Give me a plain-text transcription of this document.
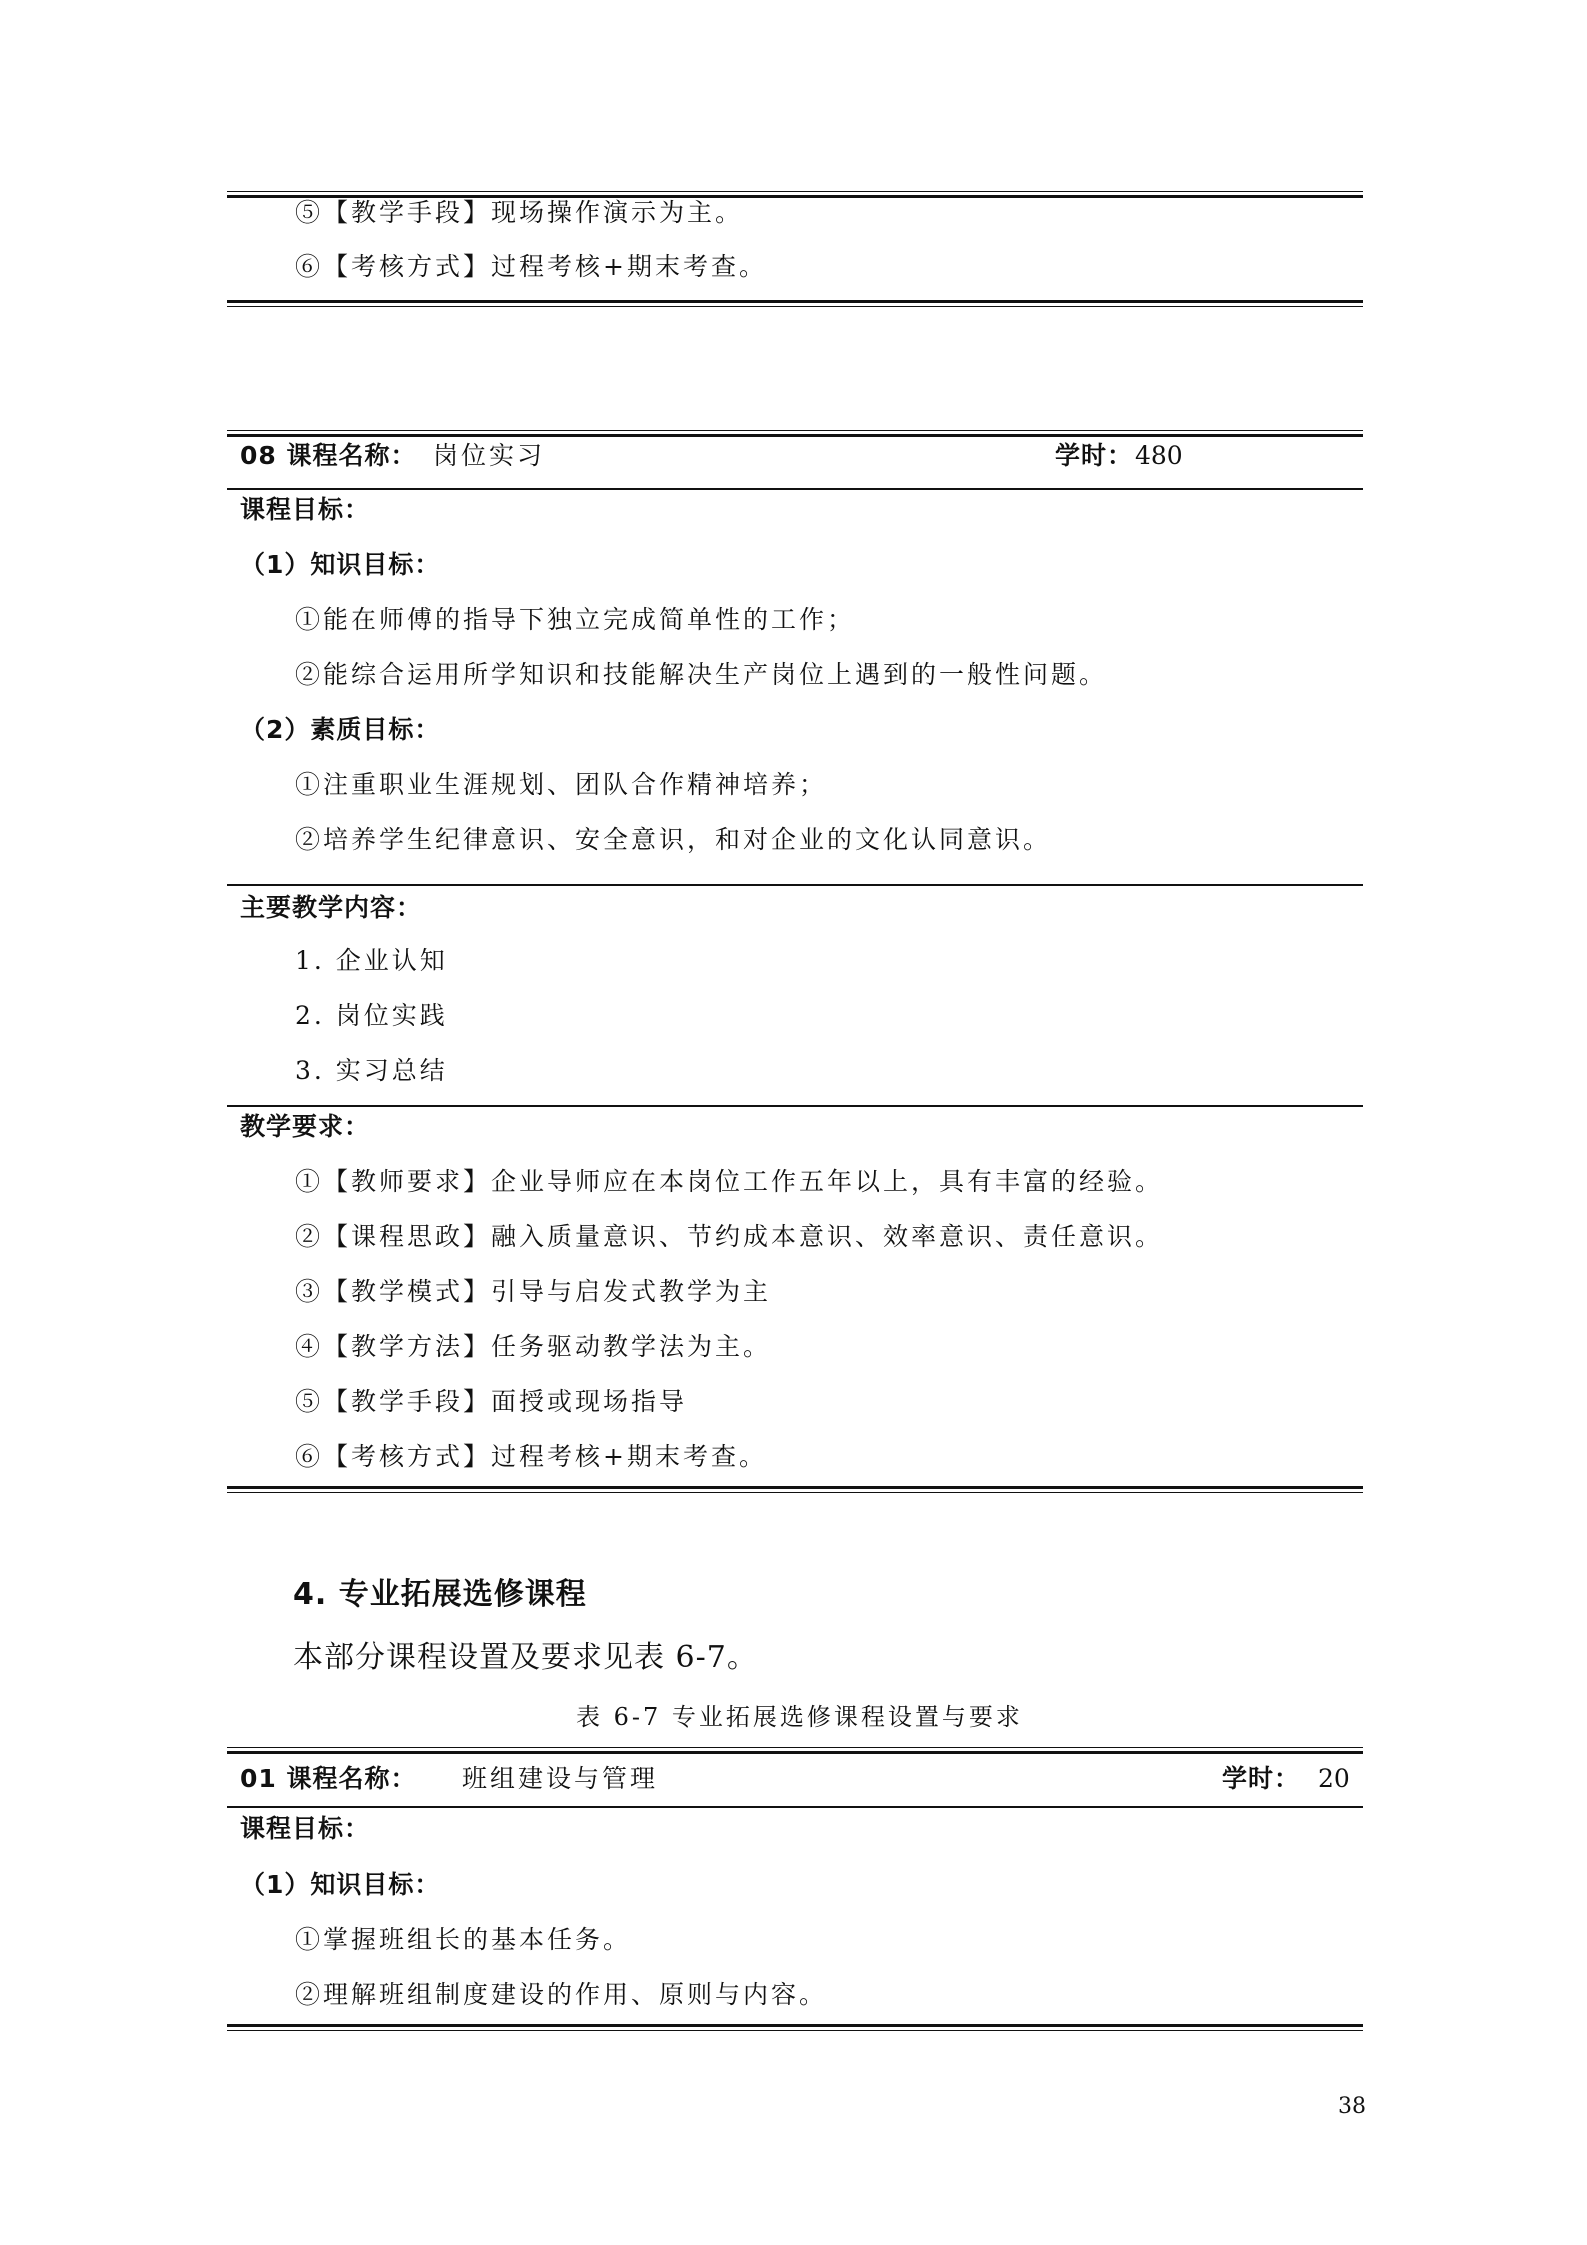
⑤【教学手段】现场操作演示为主。
⑥【考核方式】过程考核+期末考查。
08 课程名称： 岗位实习	学时： 480
课程目标：
（1）知识目标：
①能在师傅的指导下独立完成简单性的工作；
②能综合运用所学知识和技能解决生产岗位上遇到的一般性问题。
（2）素质目标：
①注重职业生涯规划、团队合作精神培养；
②培养学生纪律意识、安全意识，和对企业的文化认同意识。
主要教学内容：
1. 企业认知
2. 岗位实践
3. 实习总结
教学要求：
①【教师要求】企业导师应在本岗位工作五年以上，具有丰富的经验。
②【课程思政】融入质量意识、节约成本意识、效率意识、责任意识。
③【教学模式】引导与启发式教学为主
④【教学方法】任务驱动教学法为主。
⑤【教学手段】面授或现场指导
⑥【考核方式】过程考核+期末考查。
4. 专业拓展选修课程
本部分课程设置及要求见表 6-7。
表 6-7 专业拓展选修课程设置与要求
01 课程名称： 班组建设与管理	学时： 20
课程目标：
（1）知识目标：
①掌握班组长的基本任务。
②理解班组制度建设的作用、原则与内容。
38
